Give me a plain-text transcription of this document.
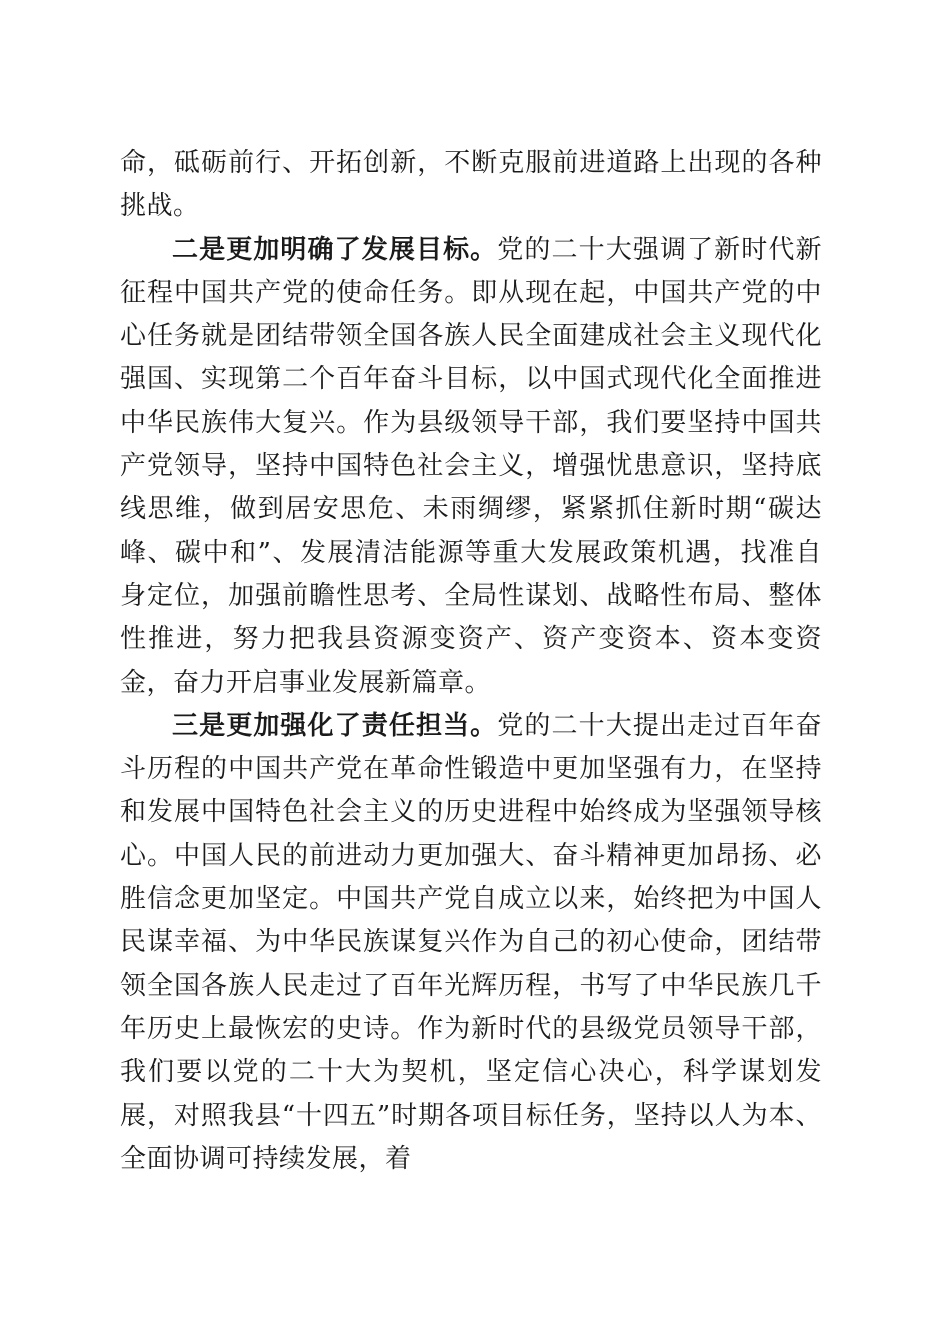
命，砥砺前行、开拓创新，不断克服前进道路上出现的各种挑战。

二是更加明确了发展目标。党的二十大强调了新时代新征程中国共产党的使命任务。即从现在起，中国共产党的中心任务就是团结带领全国各族人民全面建成社会主义现代化强国、实现第二个百年奋斗目标，以中国式现代化全面推进中华民族伟大复兴。作为县级领导干部，我们要坚持中国共产党领导，坚持中国特色社会主义，增强忧患意识，坚持底线思维，做到居安思危、未雨绸缪，紧紧抓住新时期“碳达峰、碳中和”、发展清洁能源等重大发展政策机遇，找准自身定位，加强前瞻性思考、全局性谋划、战略性布局、整体性推进，努力把我县资源变资产、资产变资本、资本变资金，奋力开启事业发展新篇章。

三是更加强化了责任担当。党的二十大提出走过百年奋斗历程的中国共产党在革命性锻造中更加坚强有力，在坚持和发展中国特色社会主义的历史进程中始终成为坚强领导核心。中国人民的前进动力更加强大、奋斗精神更加昂扬、必胜信念更加坚定。中国共产党自成立以来，始终把为中国人民谋幸福、为中华民族谋复兴作为自己的初心使命，团结带领全国各族人民走过了百年光辉历程，书写了中华民族几千年历史上最恢宏的史诗。作为新时代的县级党员领导干部，我们要以党的二十大为契机，坚定信心决心，科学谋划发展，对照我县“十四五”时期各项目标任务，坚持以人为本、全面协调可持续发展，着
